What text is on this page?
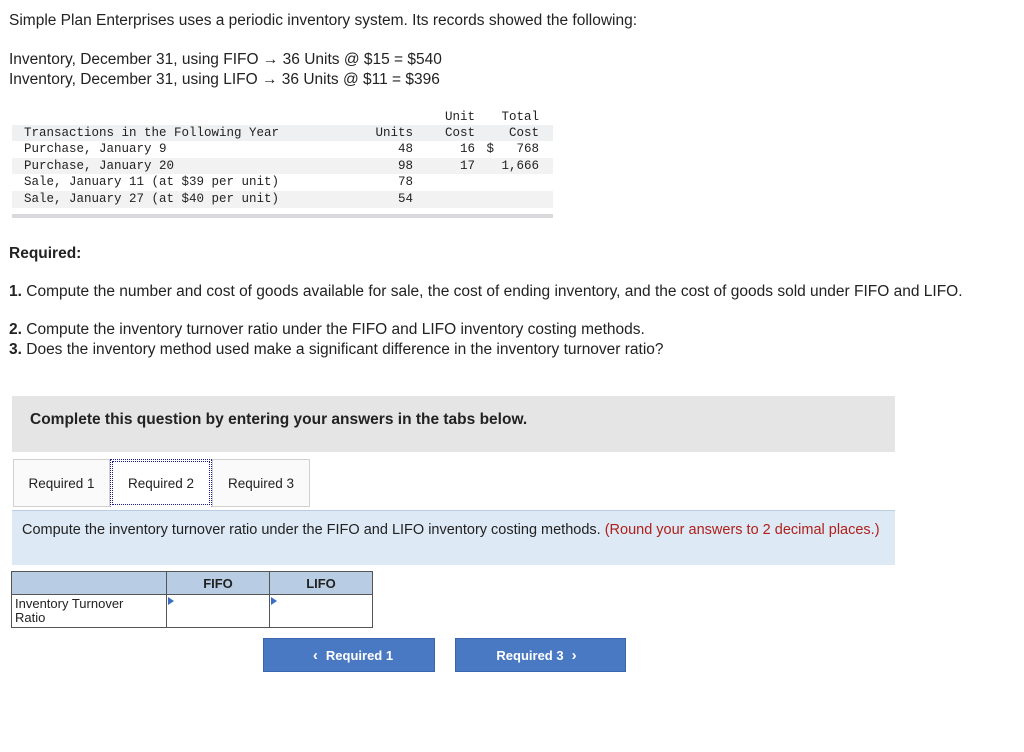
Simple Plan Enterprises uses a periodic inventory system. Its records showed the following:
Inventory, December 31, using FIFO → 36 Units @ $15 = $540
Inventory, December 31, using LIFO → 36 Units @ $11 = $396
		Unit	Total
Transactions in the Following Year	Units	Cost	Cost
Purchase, January 9	48	16	$   768
Purchase, January 20	98	17	1,666
Sale, January 11 (at $39 per unit)	78		
Sale, January 27 (at $40 per unit)	54		
Required:
1. Compute the number and cost of goods available for sale, the cost of ending inventory, and the cost of goods sold under FIFO and LIFO.
2. Compute the inventory turnover ratio under the FIFO and LIFO inventory costing methods.
3. Does the inventory method used make a significant difference in the inventory turnover ratio?
Complete this question by entering your answers in the tabs below.
Required 1	Required 2	Required 3
Compute the inventory turnover ratio under the FIFO and LIFO inventory costing methods. (Round your answers to 2 decimal places.)
	FIFO	LIFO
Inventory Turnover
Ratio	

‹ Required 1	Required 3 ›
